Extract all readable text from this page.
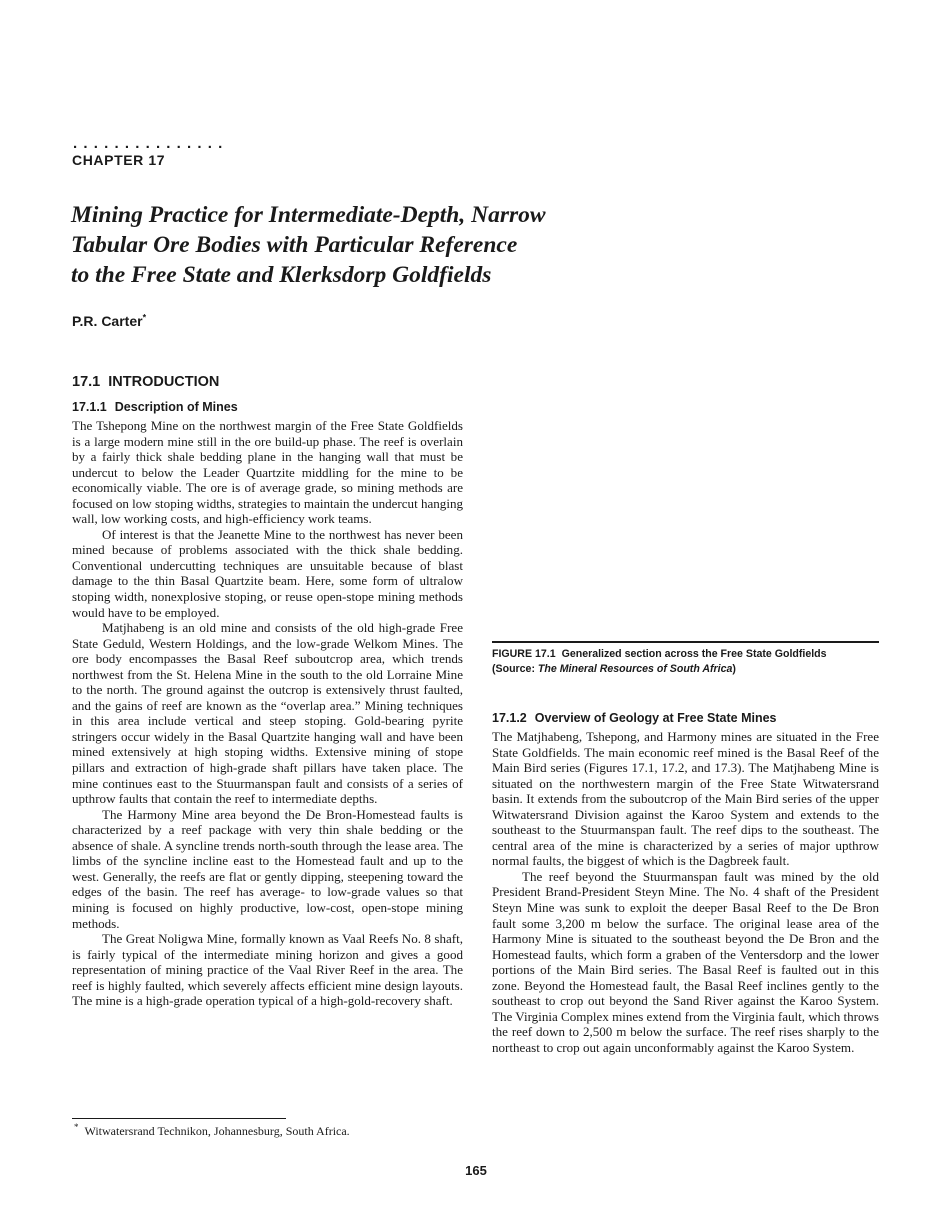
...............
CHAPTER 17
Mining Practice for Intermediate-Depth, Narrow
Tabular Ore Bodies with Particular Reference
to the Free State and Klerksdorp Goldfields
P.R. Carter*
17.1 INTRODUCTION
17.1.1 Description of Mines

The Tshepong Mine on the northwest margin of the Free State Goldfields is a large modern mine still in the ore build-up phase. The reef is overlain by a fairly thick shale bedding plane in the hanging wall that must be undercut to below the Leader Quartzite middling for the mine to be economically viable. The ore is of average grade, so mining methods are focused on low stoping widths, strategies to maintain the undercut hanging wall, low working costs, and high-efficiency work teams.

Of interest is that the Jeanette Mine to the northwest has never been mined because of problems associated with the thick shale bedding. Conventional undercutting techniques are unsuitable because of blast damage to the thin Basal Quartzite beam. Here, some form of ultralow stoping width, nonexplosive stoping, or reuse open-stope mining methods would have to be employed.

Matjhabeng is an old mine and consists of the old high-grade Free State Geduld, Western Holdings, and the low-grade Welkom Mines. The ore body encompasses the Basal Reef suboutcrop area, which trends northwest from the St. Helena Mine in the south to the old Lorraine Mine to the north. The ground against the outcrop is extensively thrust faulted, and the gains of reef are known as the “overlap area.” Mining techniques in this area include vertical and steep stoping. Gold-bearing pyrite stringers occur widely in the Basal Quartzite hanging wall and have been mined extensively at high stoping widths. Extensive mining of stope pillars and extraction of high-grade shaft pillars have taken place. The mine continues east to the Stuurmanspan fault and consists of a series of upthrow faults that contain the reef to intermediate depths.

The Harmony Mine area beyond the De Bron-Homestead faults is characterized by a reef package with very thin shale bedding or the absence of shale. A syncline trends north-south through the lease area. The limbs of the syncline incline east to the Homestead fault and up to the west. Generally, the reefs are flat or gently dipping, steepening toward the edges of the basin. The reef has average- to low-grade values so that mining is focused on highly productive, low-cost, open-stope mining methods.

The Great Noligwa Mine, formally known as Vaal Reefs No. 8 shaft, is fairly typical of the intermediate mining horizon and gives a good representation of mining practice of the Vaal River Reef in the area. The reef is highly faulted, which severely affects efficient mine design layouts. The mine is a high-grade operation typical of a high-gold-recovery shaft.

FIGURE 17.1 Generalized section across the Free State Goldfields
(Source: The Mineral Resources of South Africa)
17.1.2 Overview of Geology at Free State Mines

The Matjhabeng, Tshepong, and Harmony mines are situated in the Free State Goldfields. The main economic reef mined is the Basal Reef of the Main Bird series (Figures 17.1, 17.2, and 17.3). The Matjhabeng Mine is situated on the northwestern margin of the Free State Witwatersrand basin. It extends from the suboutcrop of the Main Bird series of the upper Witwatersrand Division against the Karoo System and extends to the southeast to the Stuurmanspan fault. The reef dips to the southeast. The central area of the mine is characterized by a series of major upthrow normal faults, the biggest of which is the Dagbreek fault.

The reef beyond the Stuurmanspan fault was mined by the old President Brand-President Steyn Mine. The No. 4 shaft of the President Steyn Mine was sunk to exploit the deeper Basal Reef to the De Bron fault some 3,200 m below the surface. The original lease area of the Harmony Mine is situated to the southeast beyond the De Bron and the Homestead faults, which form a graben of the Ventersdorp and the lower portions of the Main Bird series. The Basal Reef is faulted out in this zone. Beyond the Homestead fault, the Basal Reef inclines gently to the southeast to crop out beyond the Sand River against the Karoo System. The Virginia Complex mines extend from the Virginia fault, which throws the reef down to 2,500 m below the surface. The reef rises sharply to the northeast to crop out again unconformably against the Karoo System.

* Witwatersrand Technikon, Johannesburg, South Africa.
165
